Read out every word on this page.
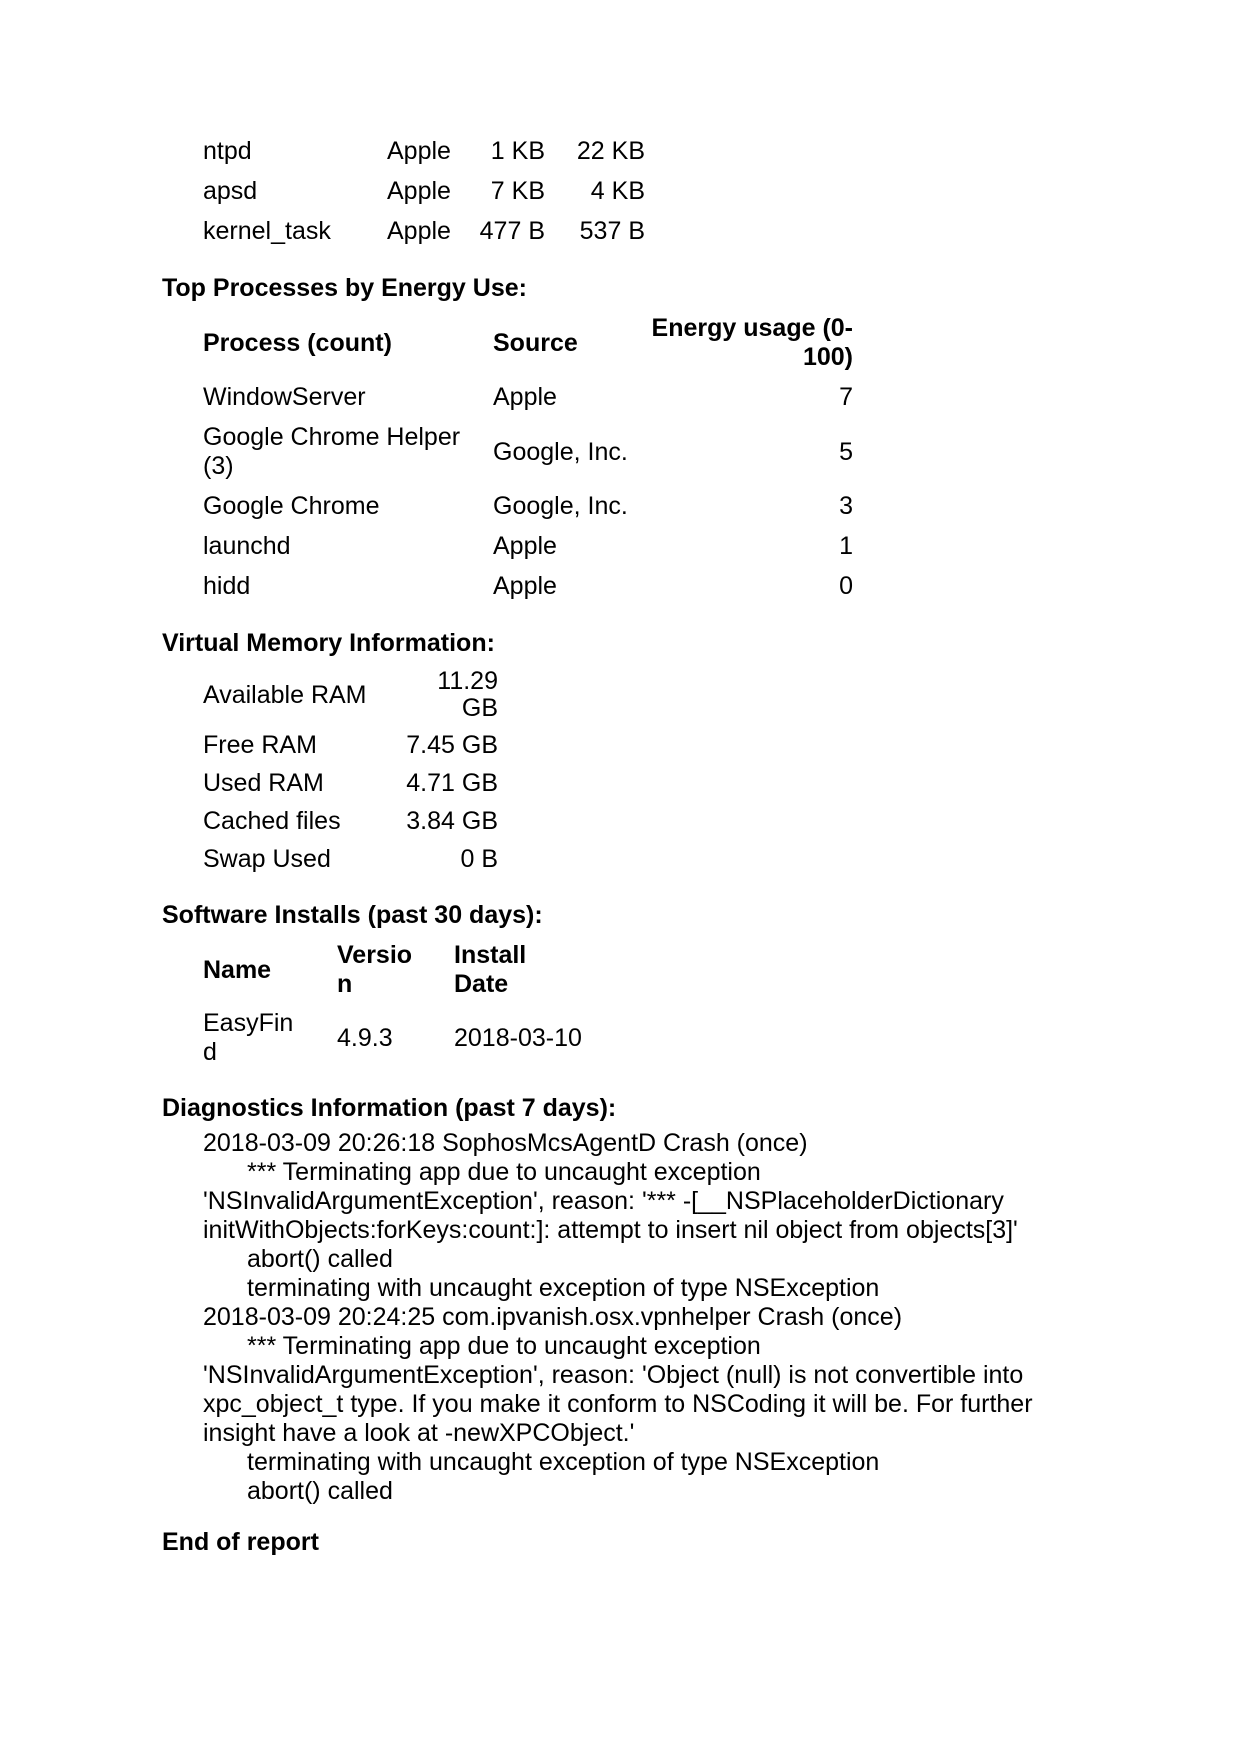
ntpd	Apple	1 KB	22 KB
apsd	Apple	7 KB	4 KB
kernel_task	Apple	477 B	537 B
Top Processes by Energy Use:
Process (count)	Source	Energy usage (0-100)
WindowServer	Apple	7
Google Chrome Helper (3)	Google, Inc.	5
Google Chrome	Google, Inc.	3
launchd	Apple	1
hidd	Apple	0
Virtual Memory Information:
Available RAM	11.29 GB
Free RAM	7.45 GB
Used RAM	4.71 GB
Cached files	3.84 GB
Swap Used	0 B
Software Installs (past 30 days):
Name	Version	Install Date
EasyFind	4.9.3	2018-03-10
Diagnostics Information (past 7 days):
2018-03-09 20:26:18 SophosMcsAgentD Crash (once)
*** Terminating app due to uncaught exception
'NSInvalidArgumentException', reason: '*** -[__NSPlaceholderDictionary
initWithObjects:forKeys:count:]: attempt to insert nil object from objects[3]'
abort() called
terminating with uncaught exception of type NSException
2018-03-09 20:24:25 com.ipvanish.osx.vpnhelper Crash (once)
*** Terminating app due to uncaught exception
'NSInvalidArgumentException', reason: 'Object (null) is not convertible into
xpc_object_t type. If you make it conform to NSCoding it will be. For further
insight have a look at -newXPCObject.'
terminating with uncaught exception of type NSException
abort() called
End of report
